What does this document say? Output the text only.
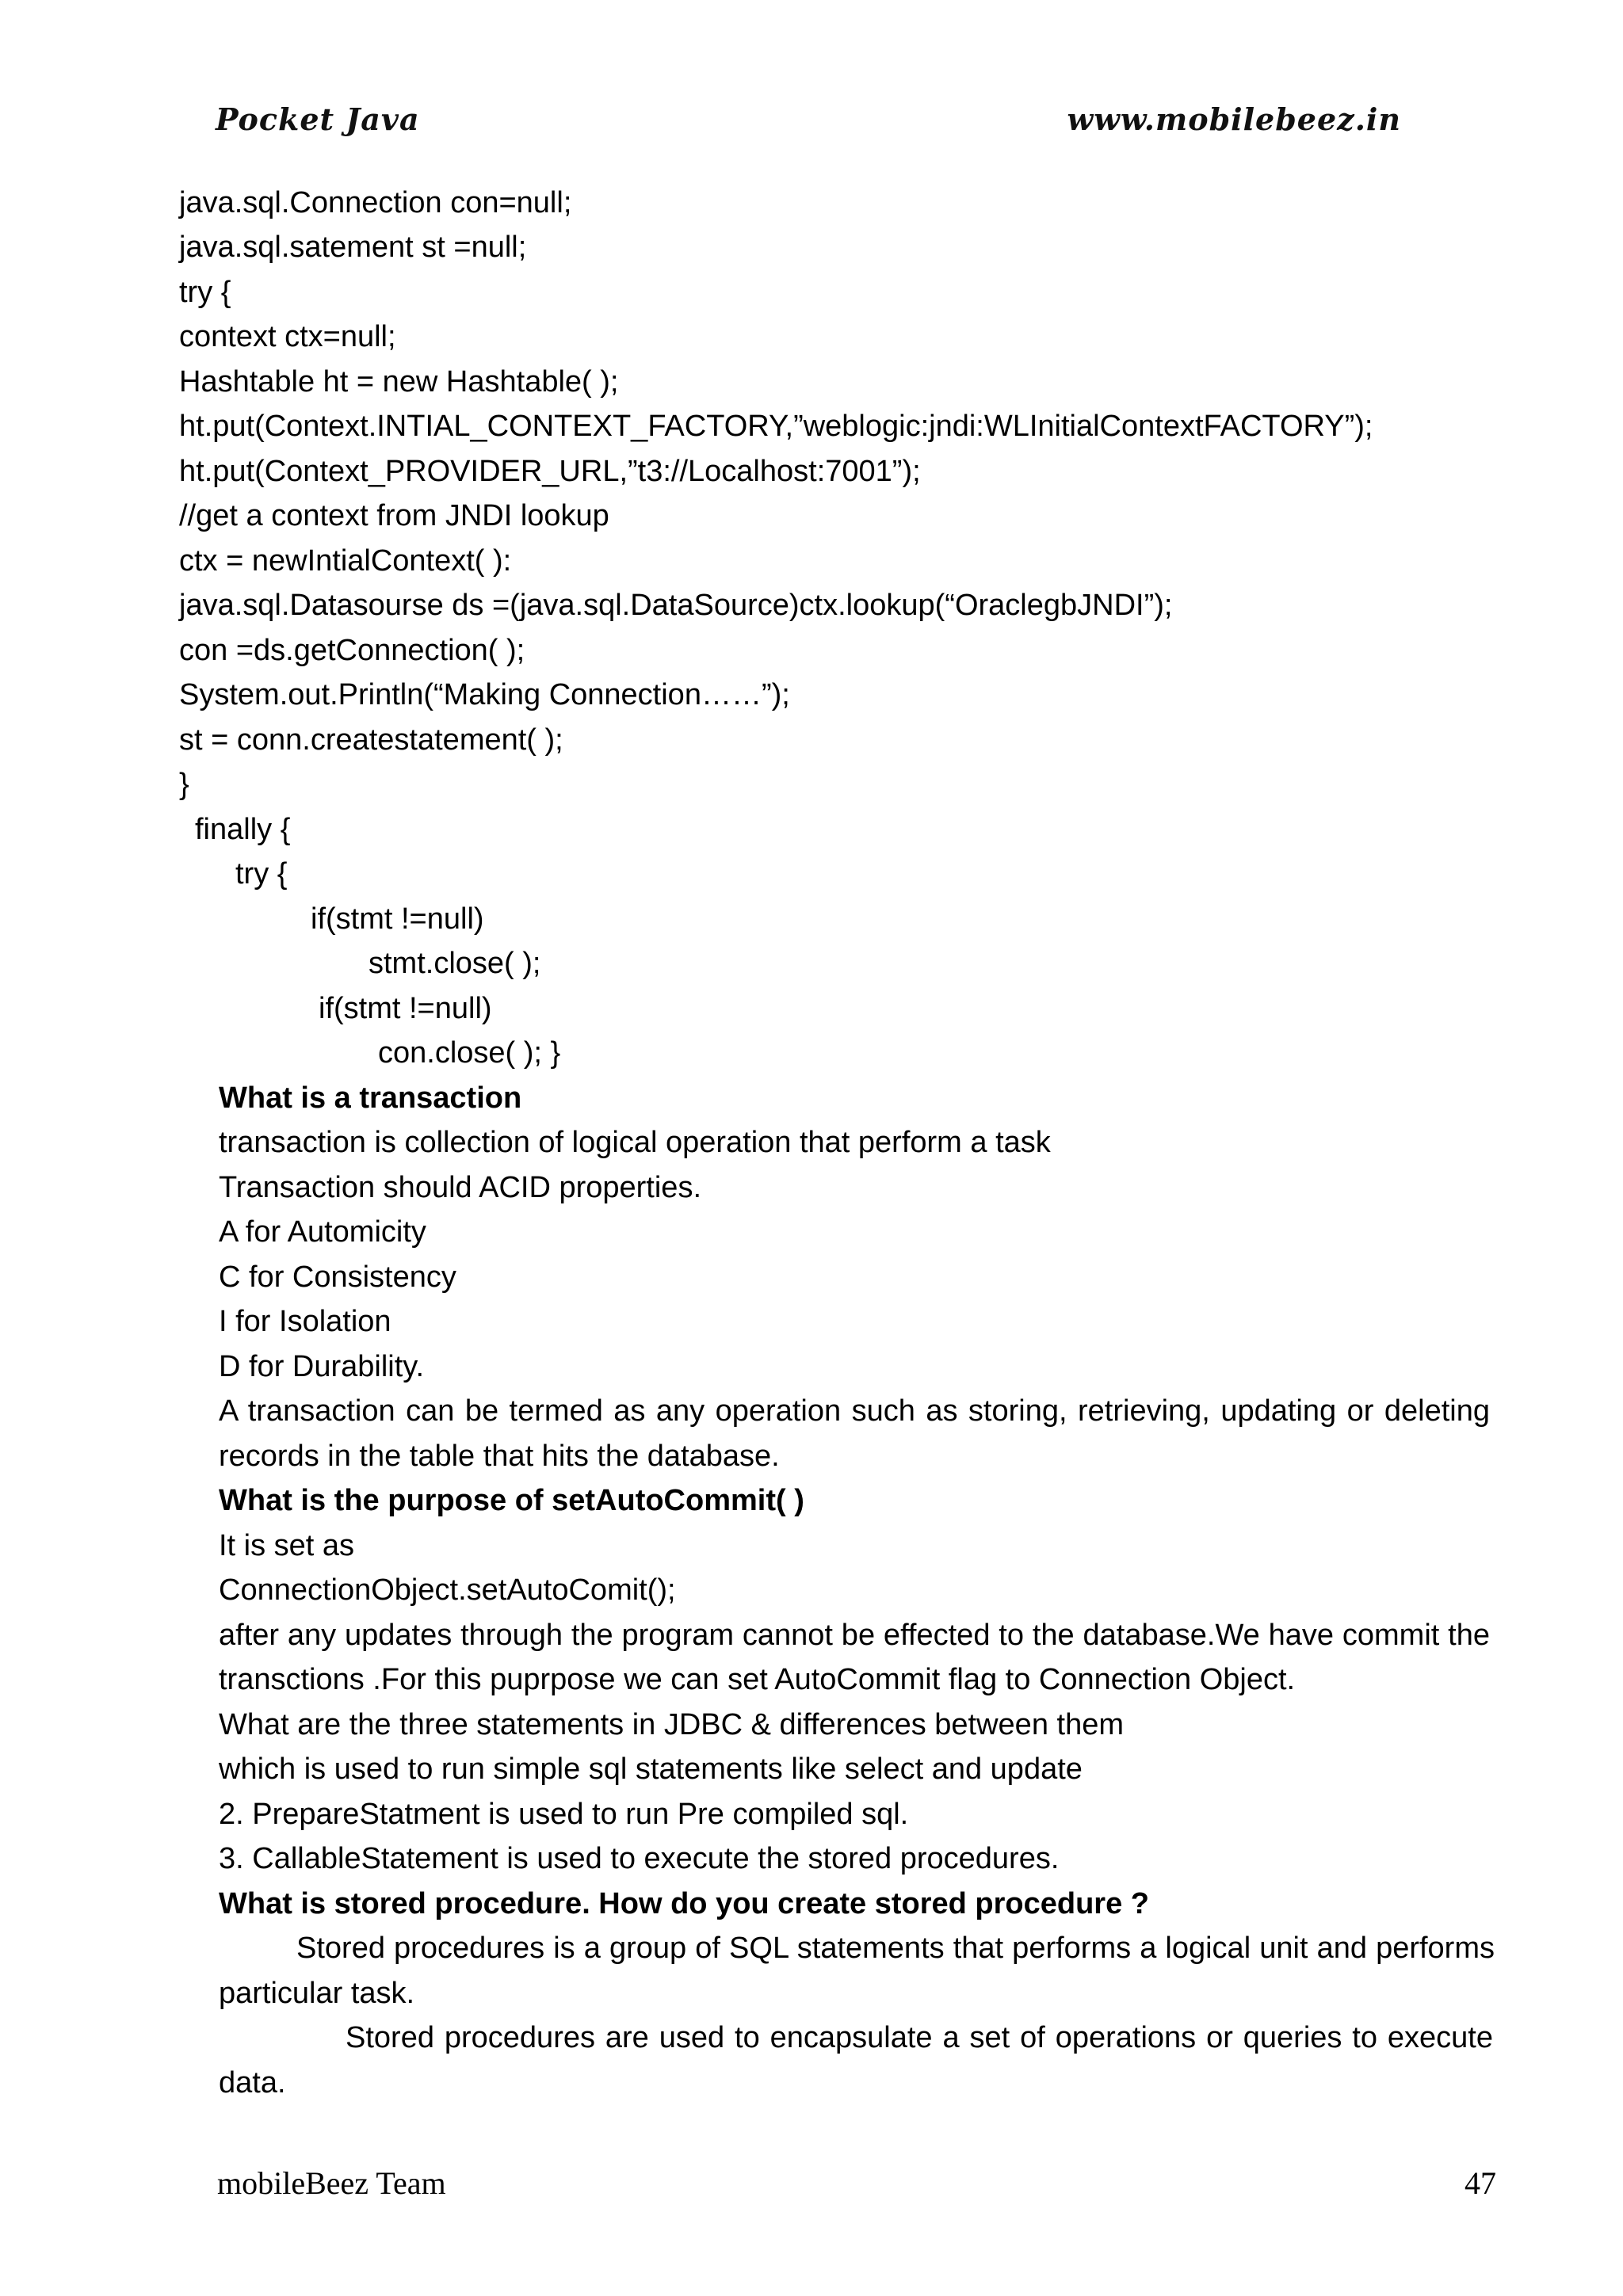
Pocket Java	www.mobilebeez.in
java.sql.Connection con=null;
java.sql.satement st =null;
try {
context ctx=null;
Hashtable ht = new Hashtable( );
ht.put(Context.INTIAL_CONTEXT_FACTORY,”weblogic:jndi:WLInitialContextFACTORY”);
ht.put(Context_PROVIDER_URL,”t3://Localhost:7001”);
//get a context from JNDI lookup
ctx = newIntialContext( ):
java.sql.Datasourse ds =(java.sql.DataSource)ctx.lookup(“OraclegbJNDI”);
con =ds.getConnection( );
System.out.Println(“Making Connection……”);
st = conn.createstatement( );
}
finally {
try {
if(stmt !=null)
stmt.close( );
if(stmt !=null)
con.close( ); }
What is a transaction
transaction is collection of logical operation that perform a task
Transaction should ACID properties.
A for Automicity
C for Consistency
I for Isolation
D for Durability.
A transaction can be termed as any operation such as storing, retrieving, updating or deleting
records in the table that hits the database.
What is the purpose of setAutoCommit( )
It is set as
ConnectionObject.setAutoComit();
after any updates through the program cannot be effected to the database.We have commit the
transctions .For this puprpose we can set AutoCommit flag to Connection Object.
What are the three statements in JDBC & differences between them
which is used to run simple sql statements like select and update
2. PrepareStatment is used to run Pre compiled sql.
3. CallableStatement is used to execute the stored procedures.
What is stored procedure. How do you create stored procedure ?
Stored procedures is a group of SQL statements that performs a logical unit and performs
particular task.
Stored procedures are used to encapsulate a set of operations or queries to execute
data.
mobileBeez Team	47
